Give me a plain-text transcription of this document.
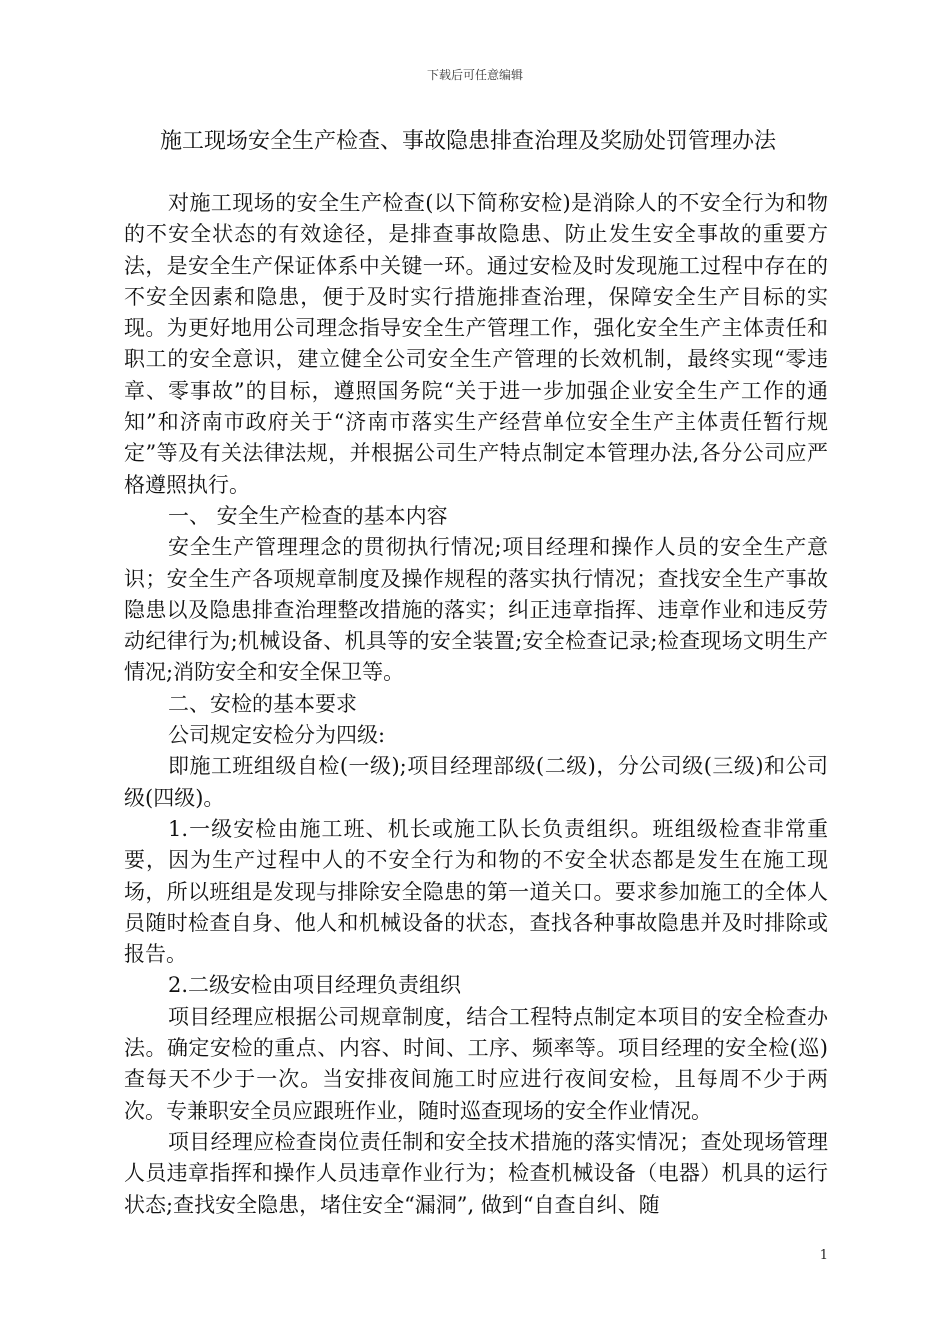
下载后可任意编辑
施工现场安全生产检查、事故隐患排查治理及奖励处罚管理办法

对施工现场的安全生产检查(以下简称安检)是消除人的不安全行为和物的不安全状态的有效途径，是排查事故隐患、防止发生安全事故的重要方法，是安全生产保证体系中关键一环。通过安检及时发现施工过程中存在的不安全因素和隐患，便于及时实行措施排查治理，保障安全生产目标的实现。为更好地用公司理念指导安全生产管理工作，强化安全生产主体责任和职工的安全意识，建立健全公司安全生产管理的长效机制，最终实现“零违章、零事故”的目标，遵照国务院“关于进一步加强企业安全生产工作的通知”和济南市政府关于“济南市落实生产经营单位安全生产主体责任暂行规定”等及有关法律法规，并根据公司生产特点制定本管理办法,各分公司应严格遵照执行。

一、 安全生产检查的基本内容

安全生产管理理念的贯彻执行情况;项目经理和操作人员的安全生产意识；安全生产各项规章制度及操作规程的落实执行情况；查找安全生产事故隐患以及隐患排查治理整改措施的落实；纠正违章指挥、违章作业和违反劳动纪律行为;机械设备、机具等的安全装置;安全检查记录;检查现场文明生产情况;消防安全和安全保卫等。

二、安检的基本要求

公司规定安检分为四级:

即施工班组级自检(一级);项目经理部级(二级)，分公司级(三级)和公司级(四级)。

1.一级安检由施工班、机长或施工队长负责组织。班组级检查非常重要，因为生产过程中人的不安全行为和物的不安全状态都是发生在施工现场，所以班组是发现与排除安全隐患的第一道关口。要求参加施工的全体人员随时检查自身、他人和机械设备的状态，查找各种事故隐患并及时排除或报告。

2.二级安检由项目经理负责组织

项目经理应根据公司规章制度，结合工程特点制定本项目的安全检查办法。确定安检的重点、内容、时间、工序、频率等。项目经理的安全检(巡)查每天不少于一次。当安排夜间施工时应进行夜间安检，且每周不少于两次。专兼职安全员应跟班作业，随时巡查现场的安全作业情况。

项目经理应检查岗位责任制和安全技术措施的落实情况；查处现场管理人员违章指挥和操作人员违章作业行为；检查机械设备（电器）机具的运行状态;查找安全隐患，堵住安全“漏洞”, 做到“自查自纠、随

1
